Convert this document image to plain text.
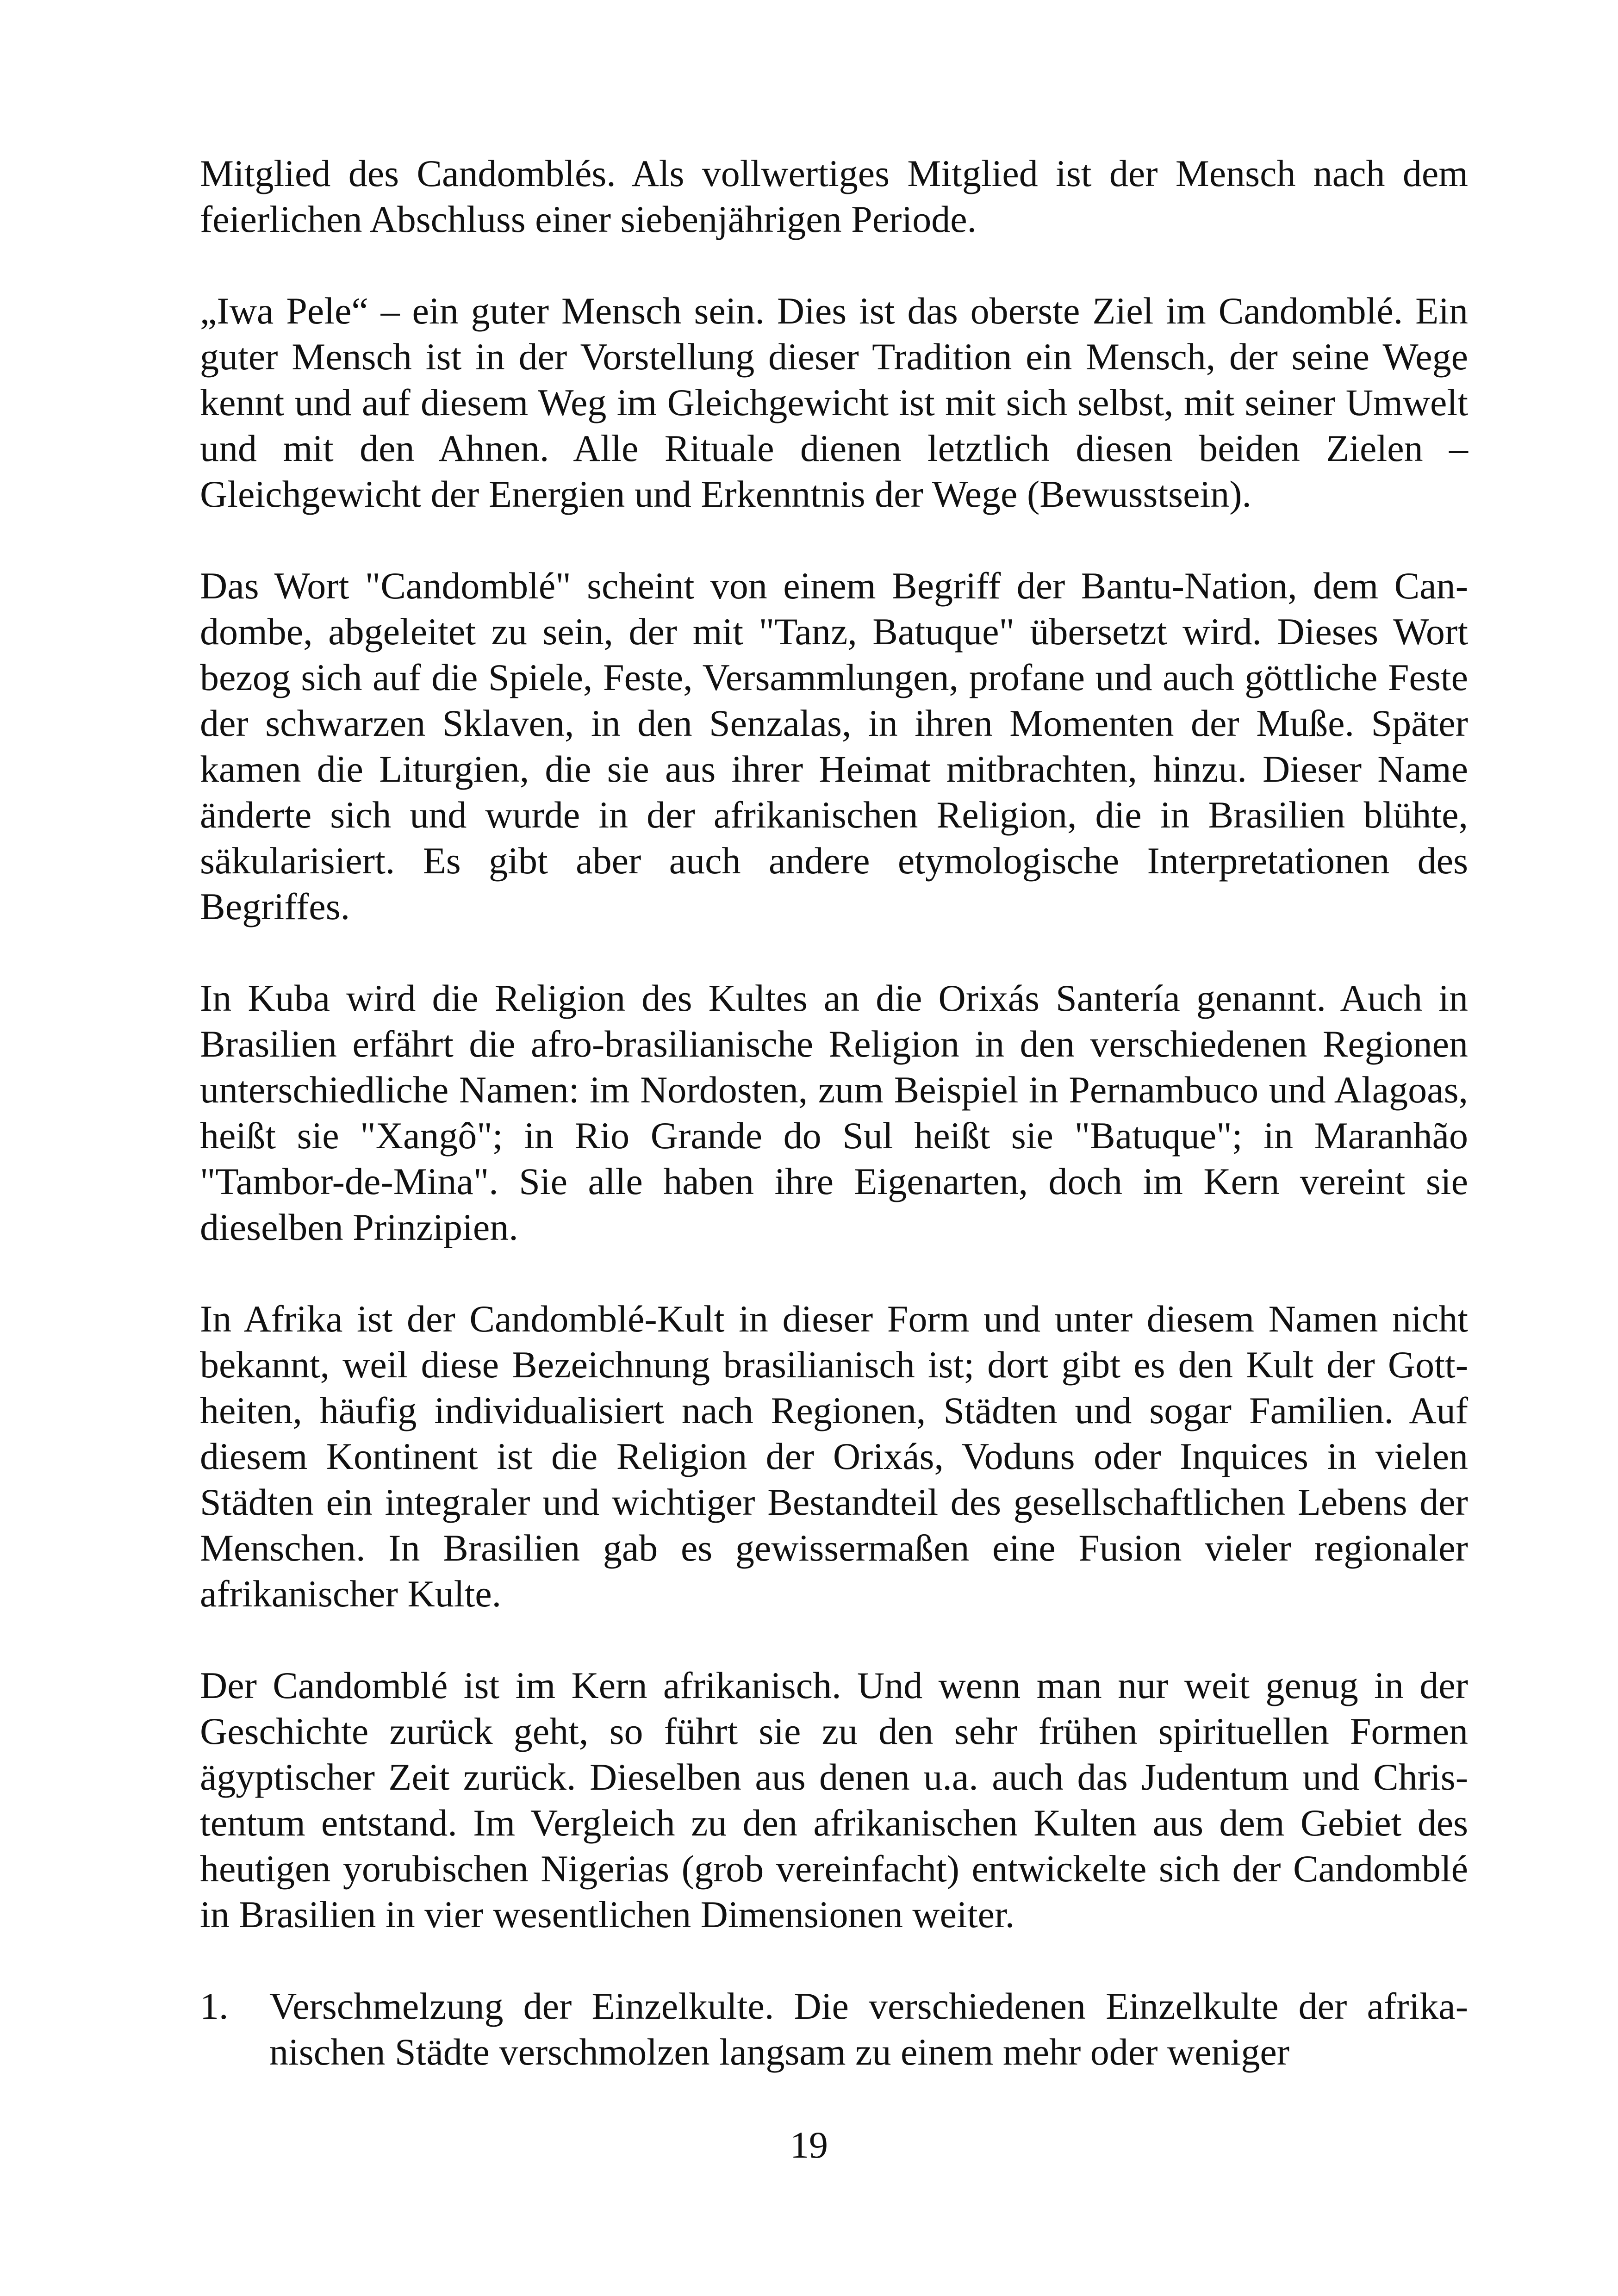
Mitglied des Candomblés. Als vollwertiges Mitglied ist der Mensch nach dem feierlichen Abschluss einer siebenjährigen Periode.

„Iwa Pele“ – ein guter Mensch sein. Dies ist das oberste Ziel im Candomblé. Ein guter Mensch ist in der Vorstellung dieser Tradition ein Mensch, der seine Wege kennt und auf diesem Weg im Gleichgewicht ist mit sich selbst, mit seiner Umwelt und mit den Ahnen. Alle Rituale dienen letztlich diesen beiden Zielen – Gleichgewicht der Energien und Erkenntnis der Wege (Bewusstsein).

Das Wort "Candomblé" scheint von einem Begriff der Bantu-Nation, dem Candombe, abgeleitet zu sein, der mit "Tanz, Batuque" übersetzt wird. Dieses Wort bezog sich auf die Spiele, Feste, Versammlungen, profane und auch göttliche Feste der schwarzen Sklaven, in den Senzalas, in ihren Momenten der Muße. Später kamen die Liturgien, die sie aus ihrer Heimat mitbrachten, hinzu. Dieser Name änderte sich und wurde in der afrikanischen Religion, die in Brasilien blühte, säkularisiert. Es gibt aber auch andere etymologische Interpretationen des Begriffes.

In Kuba wird die Religion des Kultes an die Orixás Santería genannt. Auch in Brasilien erfährt die afro-brasilianische Religion in den verschiedenen Regionen unterschiedliche Namen: im Nordosten, zum Beispiel in Pernambuco und Alagoas, heißt sie "Xangô"; in Rio Grande do Sul heißt sie "Batuque"; in Maranhão "Tambor-de-Mina". Sie alle haben ihre Eigenarten, doch im Kern vereint sie dieselben Prinzipien.

In Afrika ist der Candomblé-Kult in dieser Form und unter diesem Namen nicht bekannt, weil diese Bezeichnung brasilianisch ist; dort gibt es den Kult der Gottheiten, häufig individualisiert nach Regionen, Städten und sogar Familien. Auf diesem Kontinent ist die Religion der Orixás, Voduns oder Inquices in vielen Städten ein integraler und wichtiger Bestandteil des gesellschaftlichen Lebens der Menschen. In Brasilien gab es gewissermaßen eine Fusion vieler regionaler afrikanischer Kulte.

Der Candomblé ist im Kern afrikanisch. Und wenn man nur weit genug in der Geschichte zurück geht, so führt sie zu den sehr frühen spirituellen Formen ägyptischer Zeit zurück. Dieselben aus denen u.a. auch das Judentum und Christentum entstand. Im Vergleich zu den afrikanischen Kulten aus dem Gebiet des heutigen yorubischen Nigerias (grob vereinfacht) entwickelte sich der Candomblé in Brasilien in vier wesentlichen Dimensionen weiter.

1. Verschmelzung der Einzelkulte. Die verschiedenen Einzelkulte der afrikanischen Städte verschmolzen langsam zu einem mehr oder weniger
19
